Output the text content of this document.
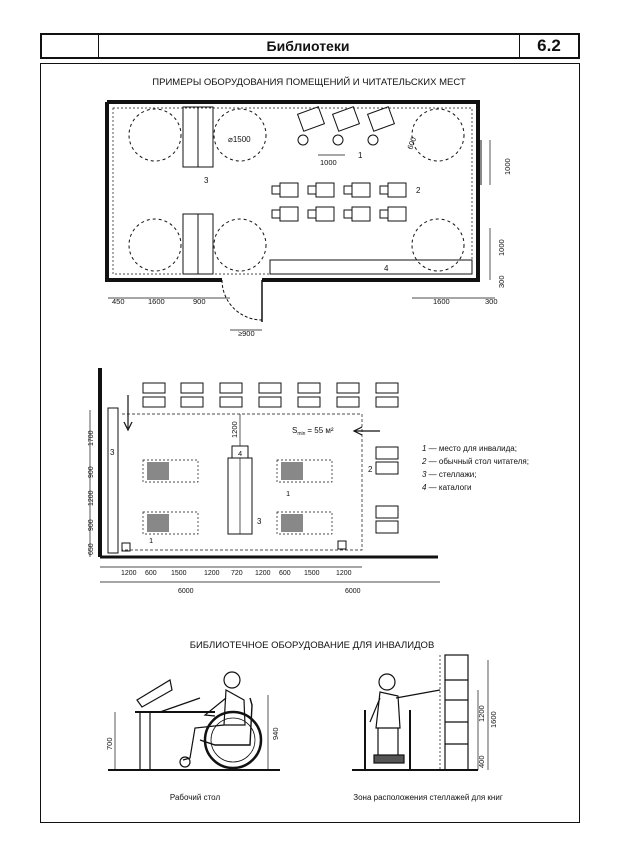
Библиотеки	6.2
ПРИМЕРЫ ОБОРУДОВАНИЯ ПОМЕЩЕНИЙ И ЧИТАТЕЛЬСКИХ МЕСТ
⌀1500
1
2
3
4
1000
600
1000
1000
300
450	1600	900	1600	300
≥900
1200	$S_{min} = 55$ м²
4
3
3
1
1
2
1700
900
1200
900
650
1200 600 1500 1200 720 1200 600 1500 1200
6000	6000
1 — место для инвалида;
2 — обычный стол читателя;
3 — стеллажи;
4 — каталоги
БИБЛИОТЕЧНОЕ ОБОРУДОВАНИЕ ДЛЯ ИНВАЛИДОВ
700
940
Рабочий стол
1200 1600
400
Зона расположения стеллажей для книг
